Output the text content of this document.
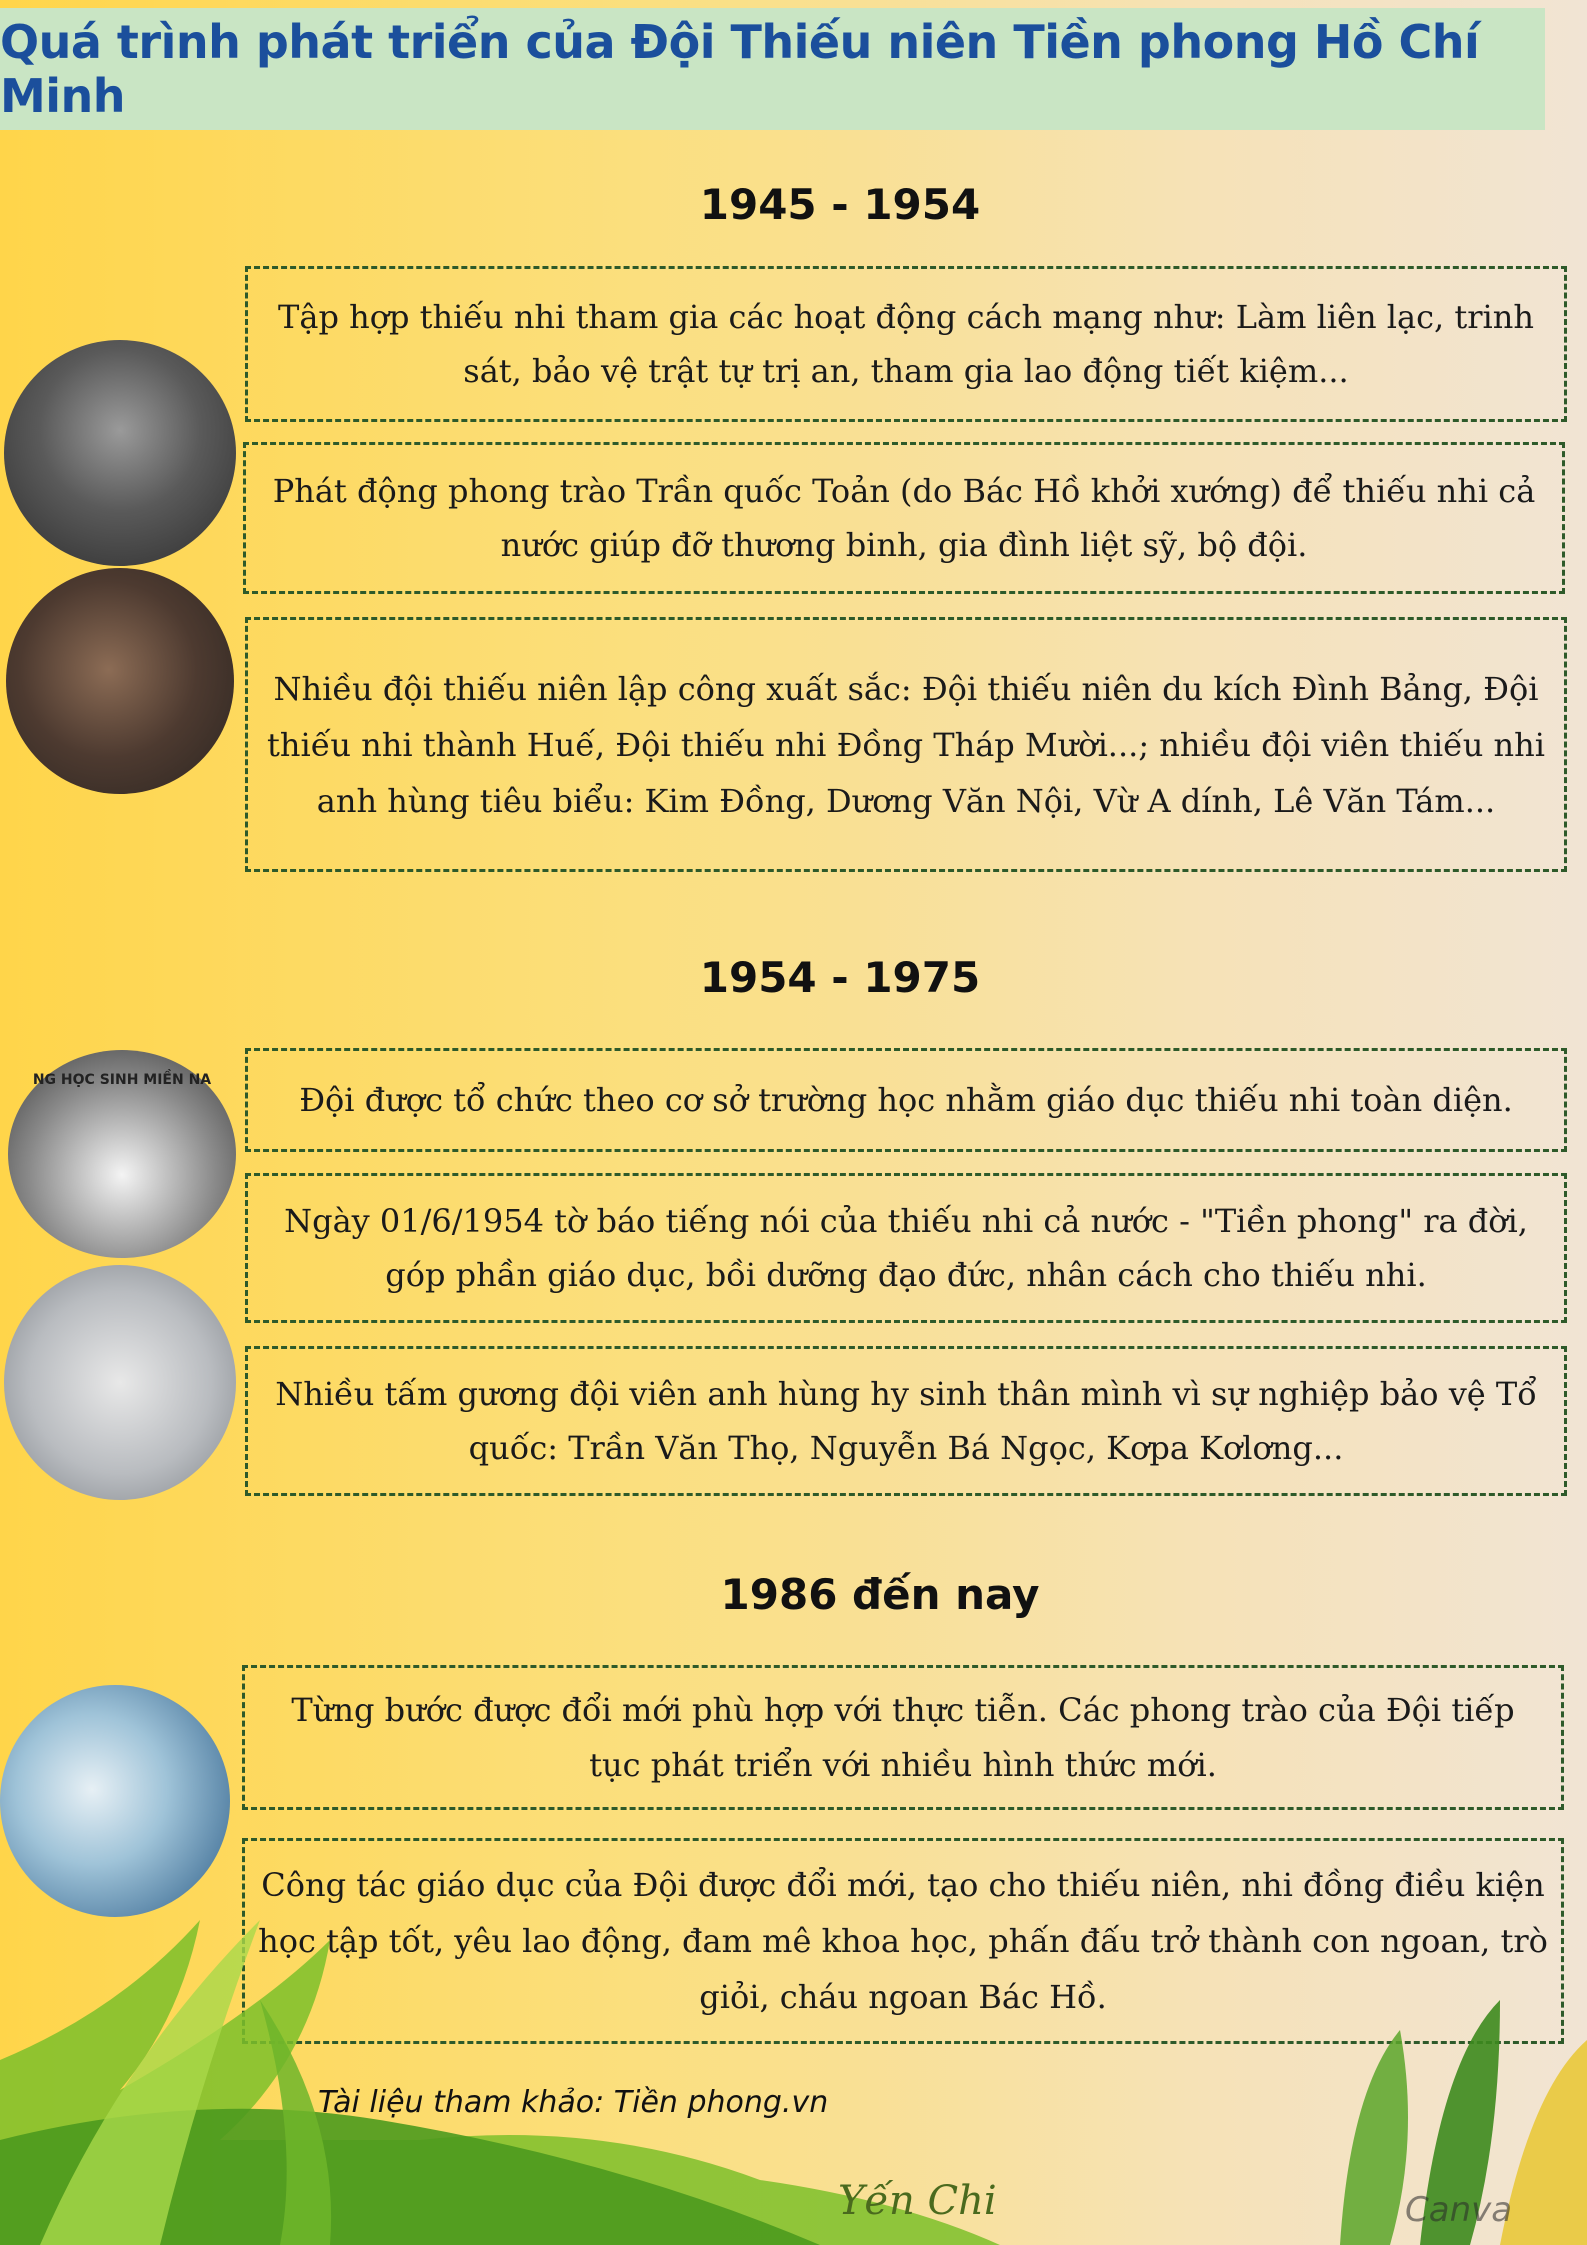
Quá trình phát triển của Đội Thiếu niên Tiền phong Hồ Chí Minh
1945 - 1954
Tập hợp thiếu nhi tham gia các hoạt động cách mạng như: Làm liên lạc, trinh sát, bảo vệ trật tự trị an, tham gia lao động tiết kiệm...
Phát động phong trào Trần quốc Toản (do Bác Hồ khởi xướng) để thiếu nhi cả nước giúp đỡ thương binh, gia đình liệt sỹ, bộ đội.
Nhiều đội thiếu niên lập công xuất sắc: Đội thiếu niên du kích Đình Bảng, Đội thiếu nhi thành Huế, Đội thiếu nhi Đồng Tháp Mười...; nhiều đội viên thiếu nhi anh hùng tiêu biểu: Kim Đồng, Dương Văn Nội, Vừ A dính, Lê Văn Tám...
1954 - 1975
Đội được tổ chức theo cơ sở trường học nhằm giáo dục thiếu nhi toàn diện.
Ngày 01/6/1954 tờ báo tiếng nói của thiếu nhi cả nước - "Tiền phong" ra đời, góp phần giáo dục, bồi dưỡng đạo đức, nhân cách cho thiếu nhi.
Nhiều tấm gương đội viên anh hùng hy sinh thân mình vì sự nghiệp bảo vệ Tổ quốc: Trần Văn Thọ, Nguyễn Bá Ngọc, Kơpa Kơlơng...
1986 đến nay
Từng bước được đổi mới phù hợp với thực tiễn. Các phong trào của Đội tiếp tục phát triển với nhiều hình thức mới.
Công tác giáo dục của Đội được đổi mới, tạo cho thiếu niên, nhi đồng điều kiện học tập tốt, yêu lao động, đam mê khoa học, phấn đấu trở thành con ngoan, trò giỏi, cháu ngoan Bác Hồ.
NG HỌC SINH MIỀN NA

Tài liệu tham khảo: Tiền phong.vn

Yến Chi	Canva
